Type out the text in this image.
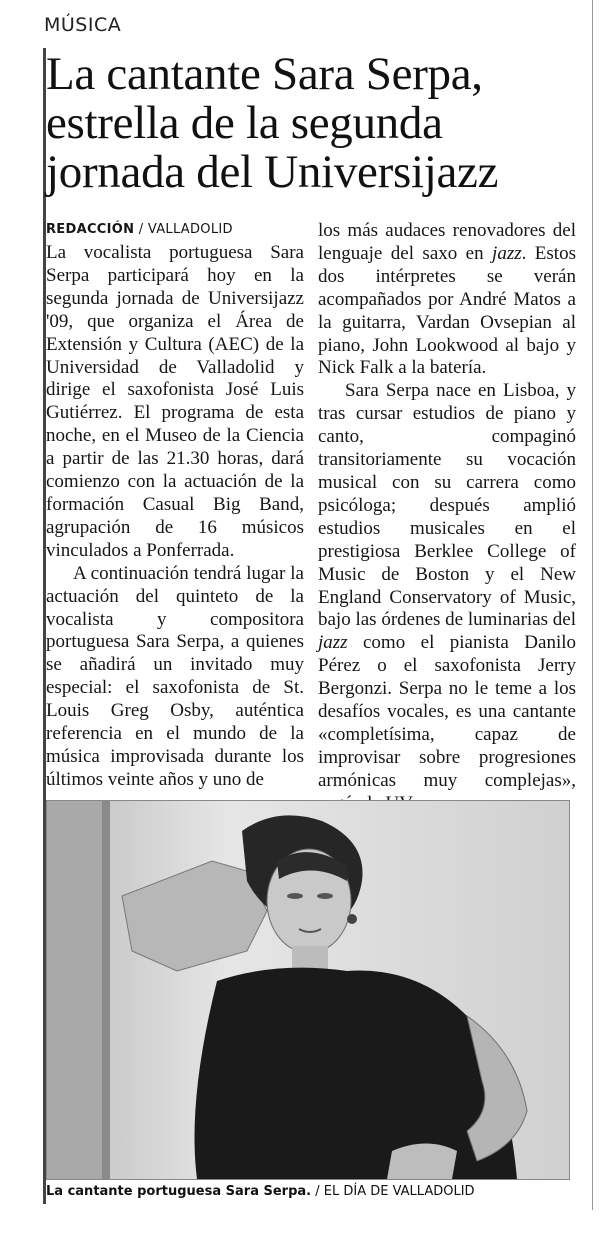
MÚSICA
La cantante Sara Serpa, estrella de la segunda jornada del Universijazz
REDACCIÓN / VALLADOLID

La vocalista portuguesa Sara Serpa participará hoy en la segunda jornada de Universijazz '09, que organiza el Área de Extensión y Cultura (AEC) de la Universidad de Valladolid y dirige el saxofonista José Luis Gutiérrez. El programa de esta noche, en el Museo de la Ciencia a partir de las 21.30 horas, dará comienzo con la actuación de la formación Casual Big Band, agrupación de 16 músicos vinculados a Ponferrada.

A continuación tendrá lugar la actuación del quinteto de la vocalista y compositora portuguesa Sara Serpa, a quienes se añadirá un invitado muy especial: el saxofonista de St. Louis Greg Osby, auténtica referencia en el mundo de la música improvisada durante los últimos veinte años y uno de

los más audaces renovadores del lenguaje del saxo en jazz. Estos dos intérpretes se verán acompañados por André Matos a la guitarra, Vardan Ovsepian al piano, John Lookwood al bajo y Nick Falk a la batería.

Sara Serpa nace en Lisboa, y tras cursar estudios de piano y canto, compaginó transitoriamente su vocación musical con su carrera como psicóloga; después amplió estudios musicales en el prestigiosa Berklee College of Music de Boston y el New England Conservatory of Music, bajo las órdenes de luminarias del jazz como el pianista Danilo Pérez o el saxofonista Jerry Bergonzi. Serpa no le teme a los desafíos vocales, es una cantante «completísima, capaz de improvisar sobre progresiones armónicas muy complejas»,

La cantante portuguesa Sara Serpa. / EL DÍA DE VALLADOLID
